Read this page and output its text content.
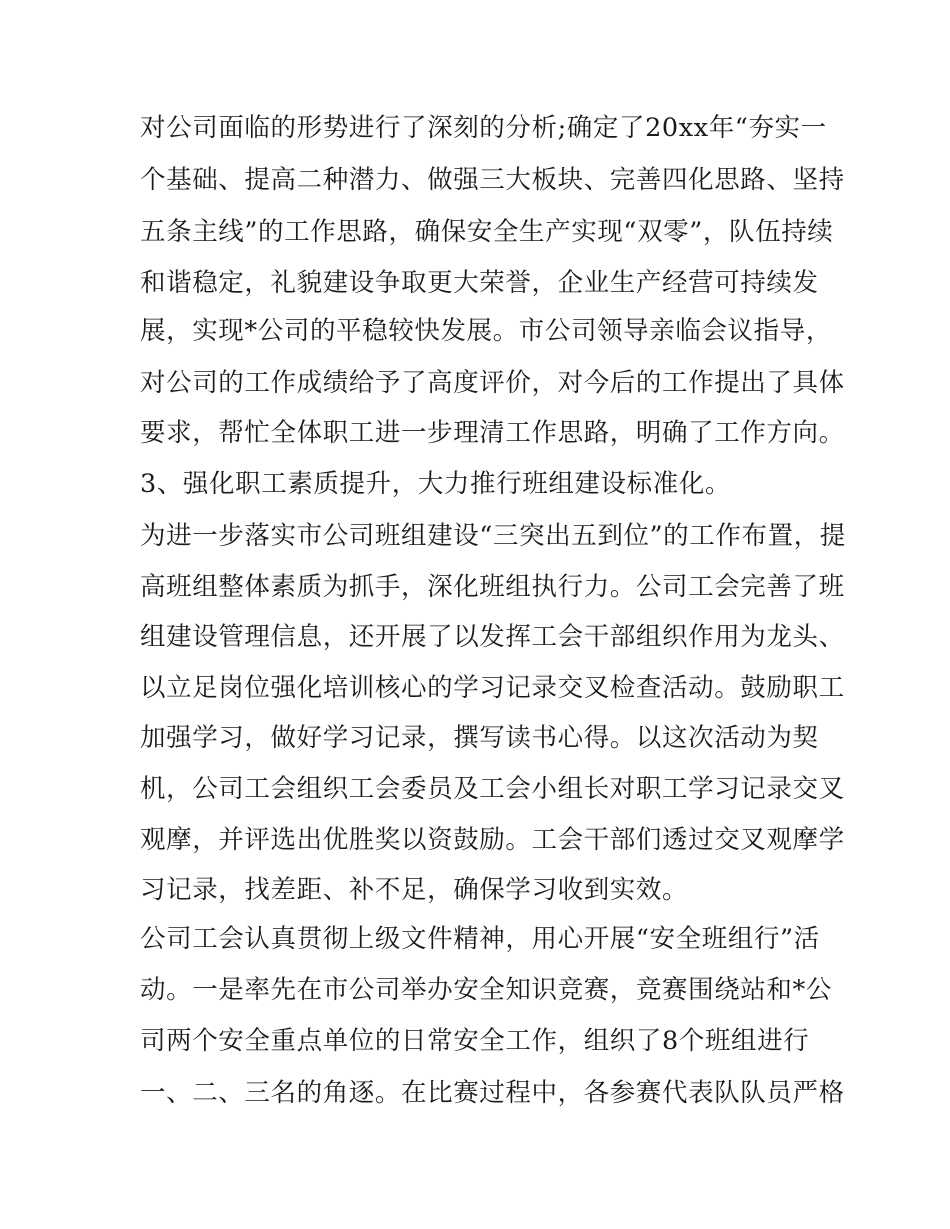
对公司面临的形势进行了深刻的分析;确定了20xx年“夯实一
个基础、提高二种潜力、做强三大板块、完善四化思路、坚持
五条主线”的工作思路，确保安全生产实现“双零”，队伍持续
和谐稳定，礼貌建设争取更大荣誉，企业生产经营可持续发
展，实现*公司的平稳较快发展。市公司领导亲临会议指导，
对公司的工作成绩给予了高度评价，对今后的工作提出了具体
要求，帮忙全体职工进一步理清工作思路，明确了工作方向。
3、强化职工素质提升，大力推行班组建设标准化。
为进一步落实市公司班组建设“三突出五到位”的工作布置，提
高班组整体素质为抓手，深化班组执行力。公司工会完善了班
组建设管理信息，还开展了以发挥工会干部组织作用为龙头、
以立足岗位强化培训核心的学习记录交叉检查活动。鼓励职工
加强学习，做好学习记录，撰写读书心得。以这次活动为契
机，公司工会组织工会委员及工会小组长对职工学习记录交叉
观摩，并评选出优胜奖以资鼓励。工会干部们透过交叉观摩学
习记录，找差距、补不足，确保学习收到实效。
公司工会认真贯彻上级文件精神，用心开展“安全班组行”活
动。一是率先在市公司举办安全知识竞赛，竞赛围绕站和*公
司两个安全重点单位的日常安全工作，组织了8个班组进行
一、二、三名的角逐。在比赛过程中，各参赛代表队队员严格
